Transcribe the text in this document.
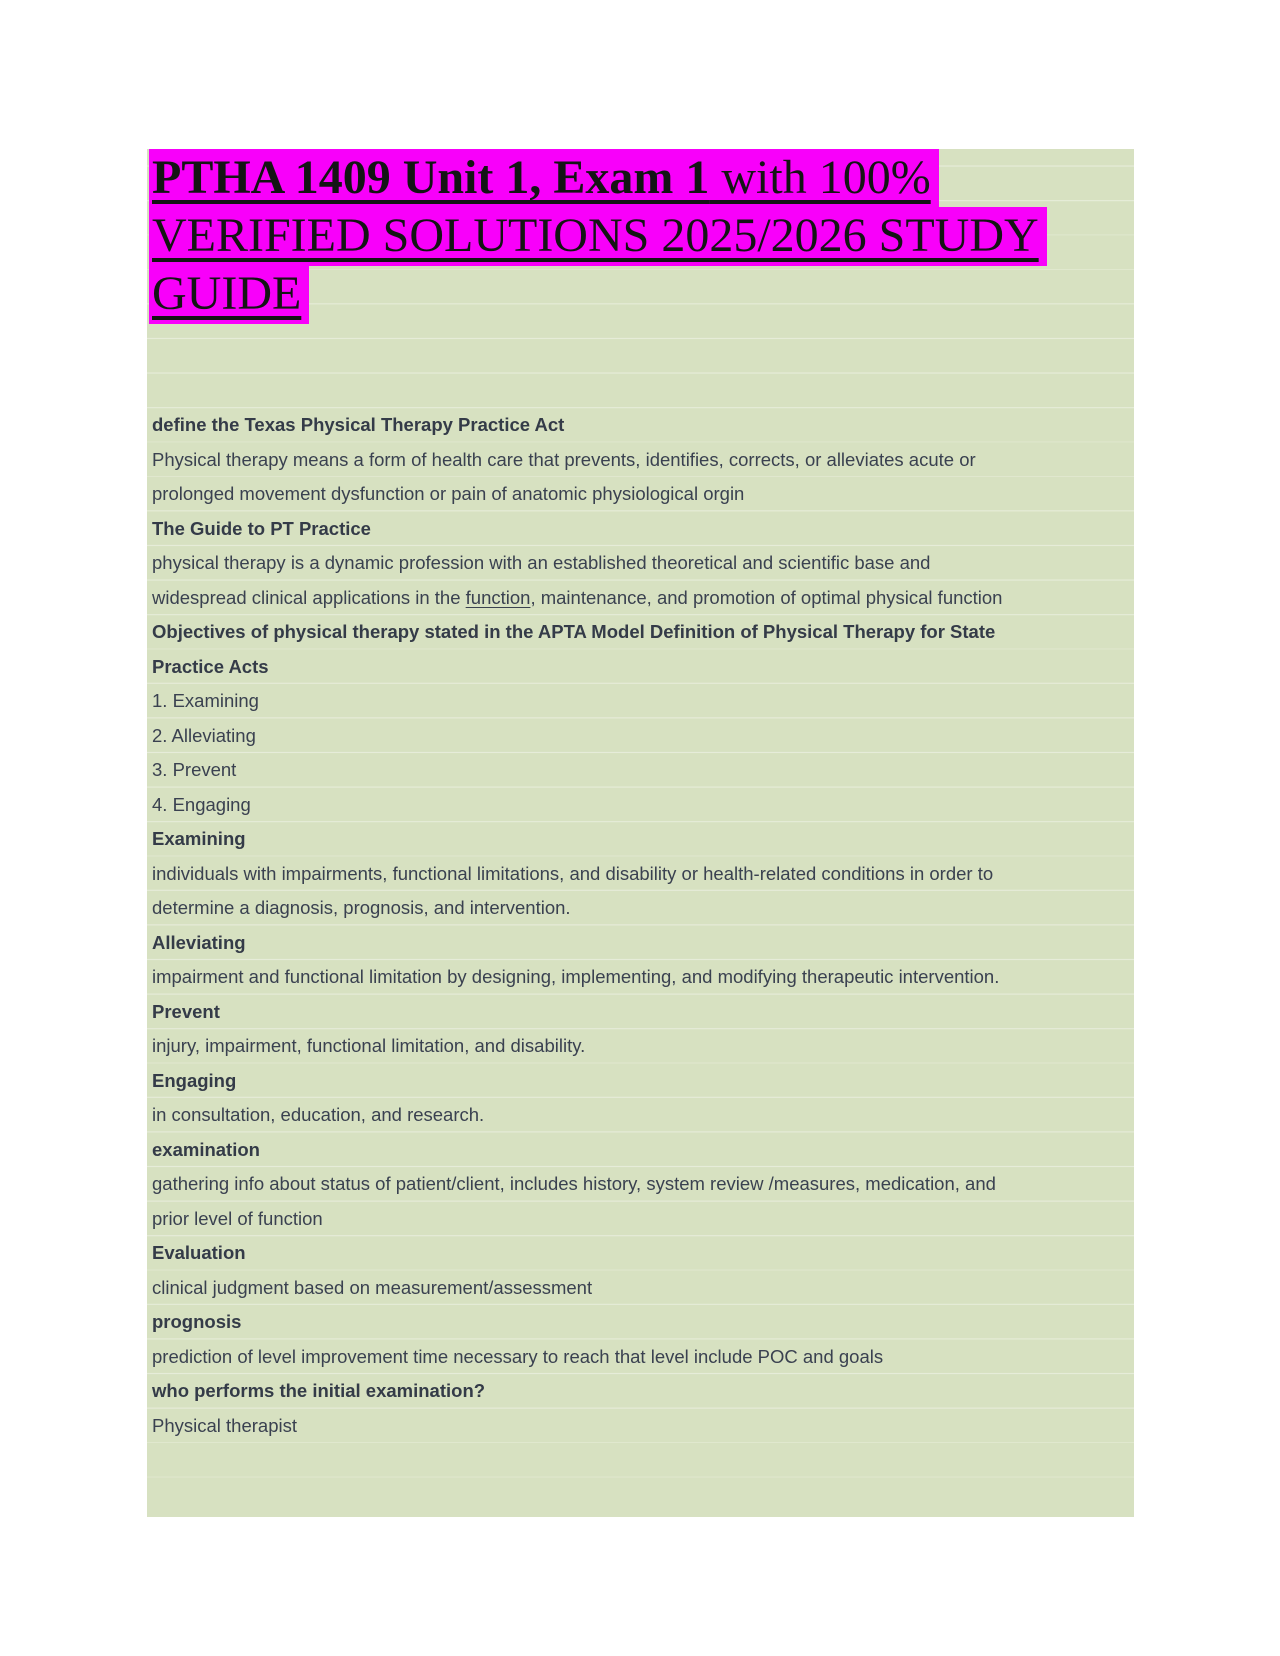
PTHA 1409 Unit 1, Exam 1 with 100%
VERIFIED SOLUTIONS 2025/2026 STUDY
GUIDE
define the Texas Physical Therapy Practice Act
Physical therapy means a form of health care that prevents, identifies, corrects, or alleviates acute or
prolonged movement dysfunction or pain of anatomic physiological orgin
The Guide to PT Practice
physical therapy is a dynamic profession with an established theoretical and scientific base and
widespread clinical applications in the function, maintenance, and promotion of optimal physical function
Objectives of physical therapy stated in the APTA Model Definition of Physical Therapy for State
Practice Acts
1. Examining
2. Alleviating
3. Prevent
4. Engaging
Examining
individuals with impairments, functional limitations, and disability or health-related conditions in order to
determine a diagnosis, prognosis, and intervention.
Alleviating
impairment and functional limitation by designing, implementing, and modifying therapeutic intervention.
Prevent
injury, impairment, functional limitation, and disability.
Engaging
in consultation, education, and research.
examination
gathering info about status of patient/client, includes history, system review /measures, medication, and
prior level of function
Evaluation
clinical judgment based on measurement/assessment
prognosis
prediction of level improvement time necessary to reach that level include POC and goals
who performs the initial examination?
Physical therapist
